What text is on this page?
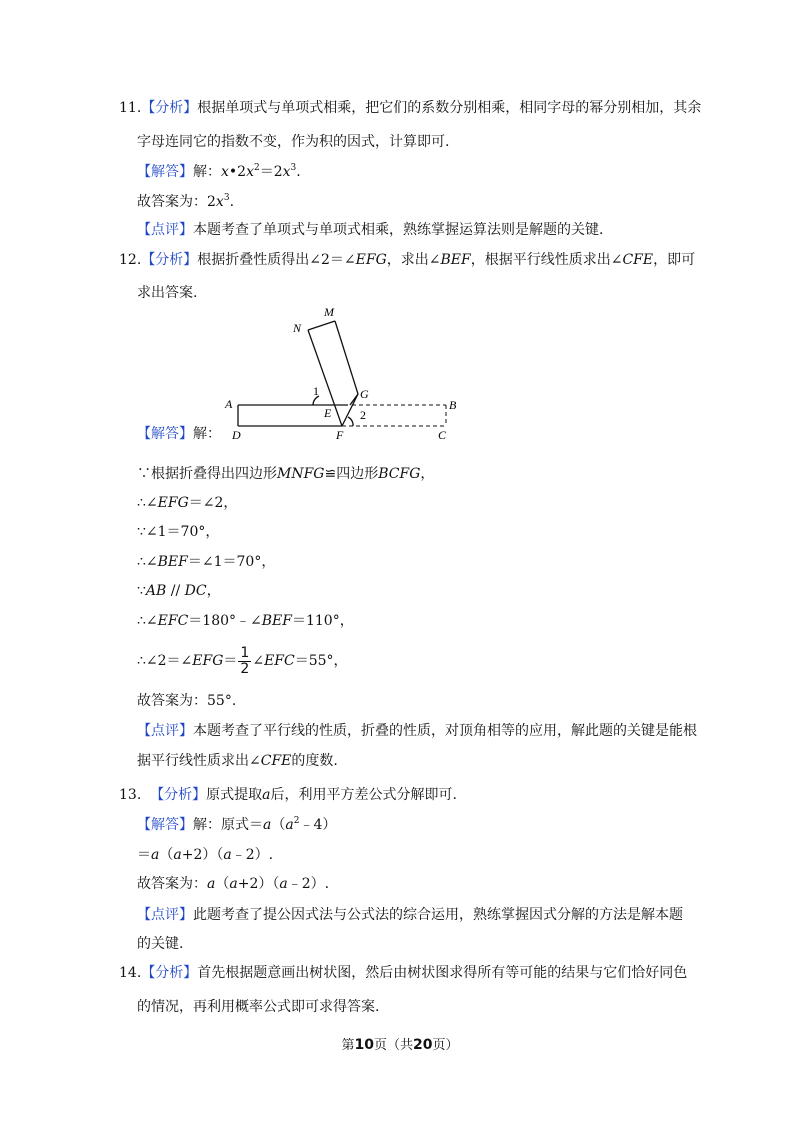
11.【分析】根据单项式与单项式相乘，把它们的系数分别相乘，相同字母的幂分别相加，其余
字母连同它的指数不变，作为积的因式，计算即可.
【解答】解：$x•2x^2=2x^3$.
故答案为：$2x^3$.
【点评】本题考查了单项式与单项式相乘，熟练掌握运算法则是解题的关键.
12.【分析】根据折叠性质得出∠2＝∠EFG，求出∠BEF，根据平行线性质求出∠CFE，即可
求出答案.
M
N
1	G
A
E 2
B
D	F	C
【解答】解：
∵根据折叠得出四边形MNFG≌四边形BCFG，
∴∠EFG＝∠2，
∵∠1＝70°，
∴∠BEF＝∠1＝70°，
∵AB // DC，
∴∠EFC＝180°﹣∠BEF＝110°，
∴∠2＝∠EFG＝ $\frac{1}{2}$ ∠EFC＝55°，
故答案为：55°.
【点评】本题考查了平行线的性质，折叠的性质，对顶角相等的应用，解此题的关键是能根
据平行线性质求出∠CFE的度数.
13. 【分析】原式提取a后，利用平方差公式分解即可.
【解答】解：原式$=a(a^2﹣4)$
＝a（a+2）（a﹣2）.
故答案为：a（a+2）（a﹣2）.
【点评】此题考查了提公因式法与公式法的综合运用，熟练掌握因式分解的方法是解本题
的关键.
14.【分析】首先根据题意画出树状图，然后由树状图求得所有等可能的结果与它们恰好同色
的情况，再利用概率公式即可求得答案.
第10页（共20页）
